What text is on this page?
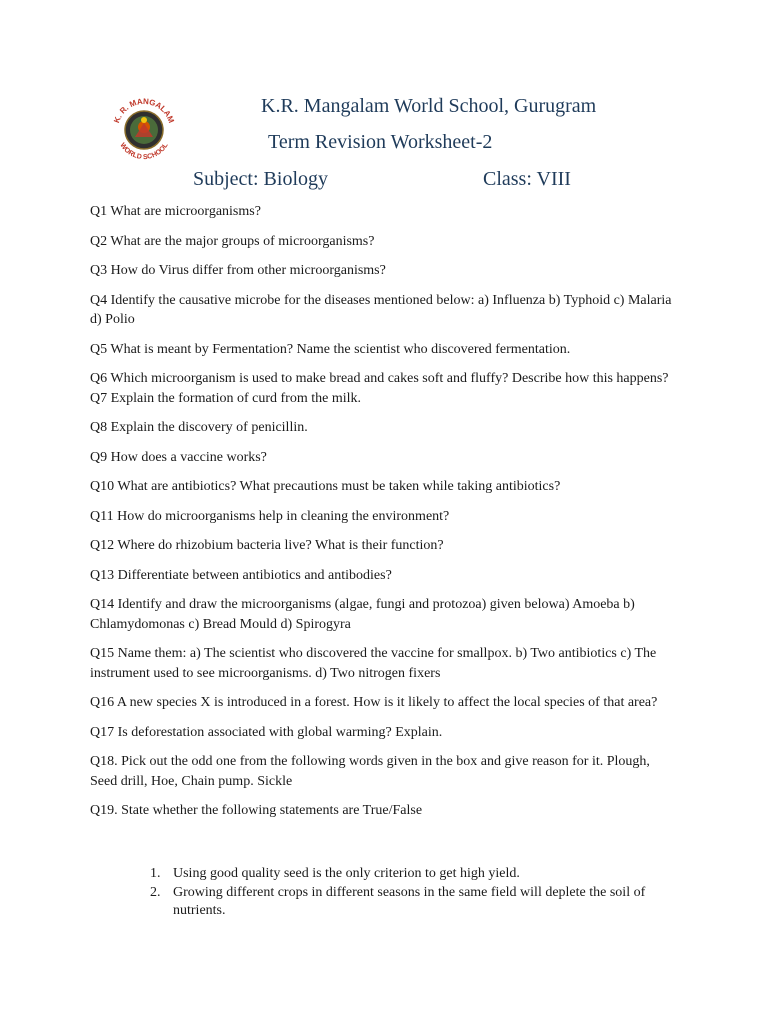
K. R. MANGALAM
WORLD SCHOOL
K.R. Mangalam World School, Gurugram
Term Revision Worksheet-2
Subject: Biology	Class: VIII
Q1 What are microorganisms?
Q2 What are the major groups of microorganisms?
Q3 How do Virus differ from other microorganisms?
Q4 Identify the causative microbe for the diseases mentioned below: a) Influenza b) Typhoid c) Malaria d) Polio
Q5 What is meant by Fermentation? Name the scientist who discovered fermentation.
Q6 Which microorganism is used to make bread and cakes soft and fluffy? Describe how this happens? Q7 Explain the formation of curd from the milk.
Q8 Explain the discovery of penicillin.
Q9 How does a vaccine works?
Q10 What are antibiotics? What precautions must be taken while taking antibiotics?
Q11 How do microorganisms help in cleaning the environment?
Q12 Where do rhizobium bacteria live? What is their function?
Q13 Differentiate between antibiotics and antibodies?
Q14 Identify and draw the microorganisms (algae, fungi and protozoa) given belowa) Amoeba b) Chlamydomonas c) Bread Mould d) Spirogyra
Q15 Name them: a) The scientist who discovered the vaccine for smallpox. b) Two antibiotics c) The instrument used to see microorganisms. d) Two nitrogen fixers
Q16 A new species X is introduced in a forest. How is it likely to affect the local species of that area?
Q17 Is deforestation associated with global warming? Explain.
Q18. Pick out the odd one from the following words given in the box and give reason for it. Plough, Seed drill, Hoe, Chain pump. Sickle
Q19. State whether the following statements are True/False
1. Using good quality seed is the only criterion to get high yield.
2. Growing different crops in different seasons in the same field will deplete the soil of nutrients.
